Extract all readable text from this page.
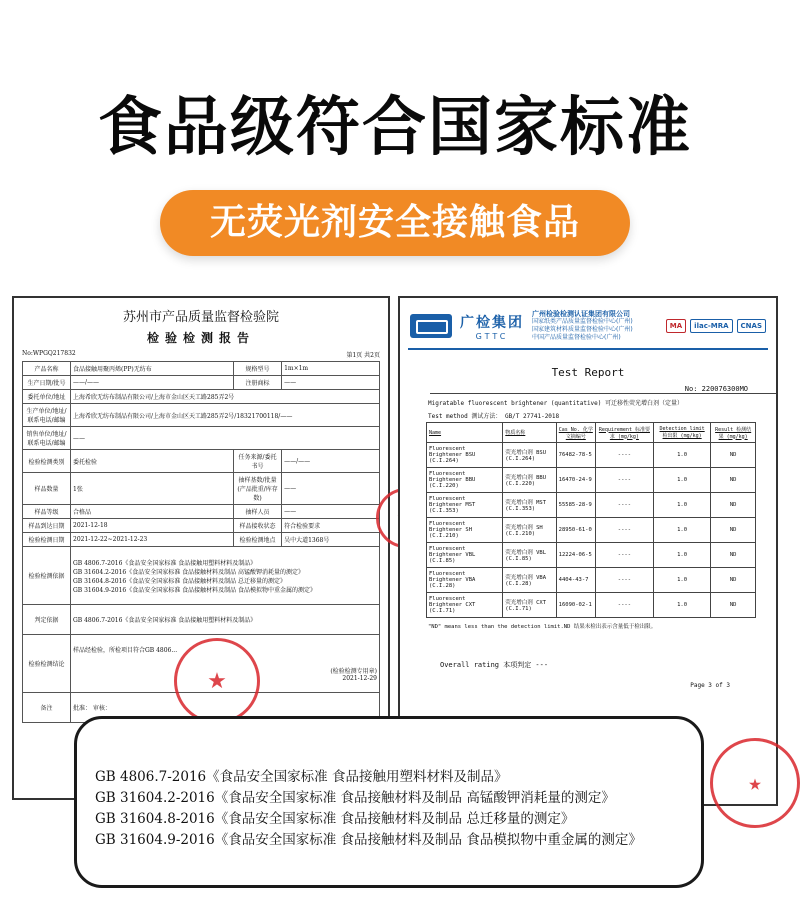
食品级符合国家标准
无荧光剂安全接触食品
苏州市产品质量监督检验院
检验检测报告
No:WPGQ217832	第1页 共2页
产品名称	食品接触用聚丙烯(PP)无纺布	规格型号	1m×1m
生产日期/批号	——/——	注册商标	——
委托单位/地址	上海希欣无纺布制品有限公司/上海市金山区天工路285弄2号		
生产单位/地址/联系电话/邮编	上海希欣无纺布制品有限公司/上海市金山区天工路285弄2号/18321700118/——		
销售单位/地址/联系电话/邮编	——		
检验检测类别	委托检验	任务来源/委托书号	——/——
样品数量	1张	抽样基数/批量(产品批重/库存数)	——
样品等级	合格品	抽样人员	——
样品到达日期	2021-12-18	样品接收状态	符合检验要求
检验检测日期	2021-12-22~2021-12-23	检验检测地点	吴中大道1368号
检验检测依据	GB 4806.7-2016《食品安全国家标准 食品接触用塑料材料及制品》
GB 31604.2-2016《食品安全国家标准 食品接触材料及制品 高锰酸钾消耗量的测定》
GB 31604.8-2016《食品安全国家标准 食品接触材料及制品 总迁移量的测定》
GB 31604.9-2016《食品安全国家标准 食品接触材料及制品 食品模拟物中重金属的测定》		

判定依据	GB 4806.7-2016《食品安全国家标准 食品接触用塑料材料及制品》		
检验检测结论	样品经检验，所检项目符合GB 4806...
(检验检测专用章)
2021-12-29		

备注	批准： 审核：		
★
广检集团
GTTC
广州检验检测认证集团有限公司
国家纸类产品质量监督检验中心(广州)
国家建筑材料质量监督检验中心(广州)
中国产品质量监督检验中心(广州)
MA	ilac-MRA	CNAS
Test Report
No: 220076300MO
Migratable fluorescent brightener (quantitative) 可迁移性荧光增白剂（定量）
Test method 测试方法： GB/T 27741-2018
Name	物质名称	Cas No. 化学文摘编号	Requirement 标准要求 (mg/kg)	Detection limit 检出限 (mg/kg)	Result 检测结果 (mg/kg)
Fluorescent Brightener BSU (C.I.264)	荧光增白剂 BSU (C.I.264)	76482-78-5	----	1.0	ND
Fluorescent Brightener BBU (C.I.220)	荧光增白剂 BBU (C.I.220)	16470-24-9	----	1.0	ND
Fluorescent Brightener MST (C.I.353)	荧光增白剂 MST (C.I.353)	55585-28-9	----	1.0	ND
Fluorescent Brightener SH (C.I.210)	荧光增白剂 SH (C.I.210)	28950-61-0	----	1.0	ND
Fluorescent Brightener VBL (C.I.85)	荧光增白剂 VBL (C.I.85)	12224-06-5	----	1.0	ND
Fluorescent Brightener VBA (C.I.28)	荧光增白剂 VBA (C.I.28)	4404-43-7	----	1.0	ND
Fluorescent Brightener CXT (C.I.71)	荧光增白剂 CXT (C.I.71)	16090-02-1	----	1.0	ND
"ND" means less than the detection limit.ND 结果未检出表示含量低于检出限。
Overall rating 本项判定 ---
Page 3 of 3
★
GB 4806.7-2016《食品安全国家标准 食品接触用塑料材料及制品》
GB 31604.2-2016《食品安全国家标准 食品接触材料及制品 高锰酸钾消耗量的测定》
GB 31604.8-2016《食品安全国家标准 食品接触材料及制品 总迁移量的测定》
GB 31604.9-2016《食品安全国家标准 食品接触材料及制品 食品模拟物中重金属的测定》
